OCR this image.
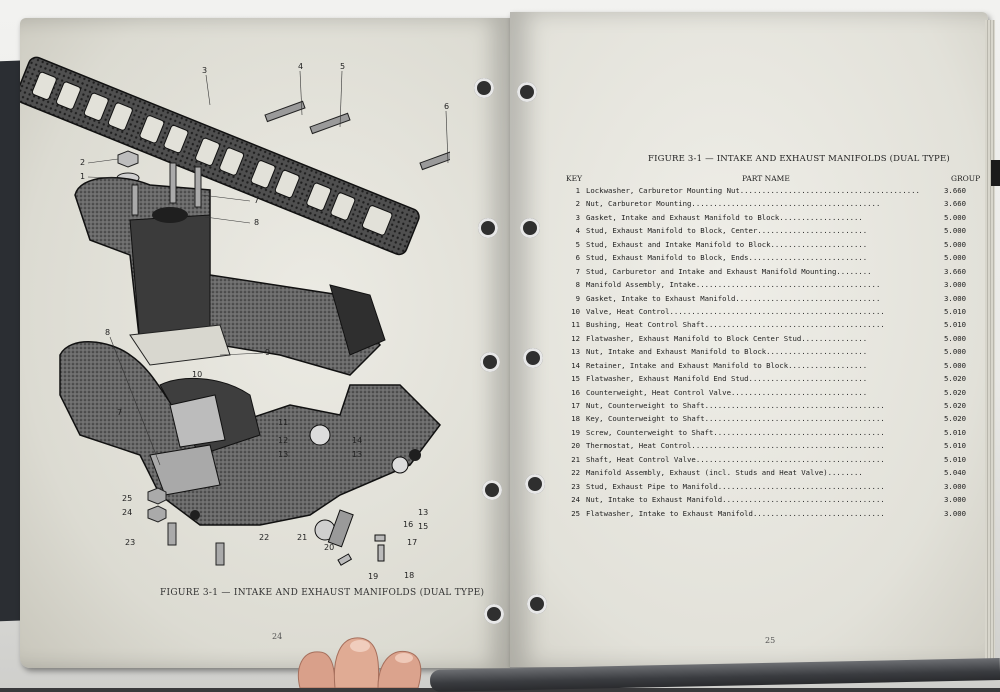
3	4	5
6
2
1
7
8
8
9
10
11
12
13
14
13
7
13
15
16
17
18
19
20
21
22
23
24
25
FIGURE 3-1 — INTAKE AND EXHAUST MANIFOLDS (DUAL TYPE)
24
FIGURE 3-1 — INTAKE AND EXHAUST MANIFOLDS (DUAL TYPE)
KEY	PART NAME	GROUP
1 Lockwasher, Carburetor Mounting Nut.........................................	3.660
2 Nut, Carburetor Mounting...........................................	3.660
3 Gasket, Intake and Exhaust Manifold to Block...................	5.000
4 Stud, Exhaust Manifold to Block, Center.........................	5.000
5 Stud, Exhaust and Intake Manifold to Block......................	5.000
6 Stud, Exhaust Manifold to Block, Ends...........................	5.000
7 Stud, Carburetor and Intake and Exhaust Manifold Mounting........	3.660
8 Manifold Assembly, Intake..........................................	3.000
9 Gasket, Intake to Exhaust Manifold.................................	3.000
10 Valve, Heat Control.................................................	5.010
11 Bushing, Heat Control Shaft.........................................	5.010
12 Flatwasher, Exhaust Manifold to Block Center Stud...............	5.000
13 Nut, Intake and Exhaust Manifold to Block.......................	5.000
14 Retainer, Intake and Exhaust Manifold to Block..................	5.000
15 Flatwasher, Exhaust Manifold End Stud...........................	5.020
16 Counterweight, Heat Control Valve...............................	5.020
17 Nut, Counterweight to Shaft.........................................	5.020
18 Key, Counterweight to Shaft.........................................	5.020
19 Screw, Counterweight to Shaft.......................................	5.010
20 Thermostat, Heat Control............................................	5.010
21 Shaft, Heat Control Valve...........................................	5.010
22 Manifold Assembly, Exhaust (incl. Studs and Heat Valve)........	5.040
23 Stud, Exhaust Pipe to Manifold......................................	3.000
24 Nut, Intake to Exhaust Manifold.....................................	3.000
25 Flatwasher, Intake to Exhaust Manifold..............................	3.000
25
